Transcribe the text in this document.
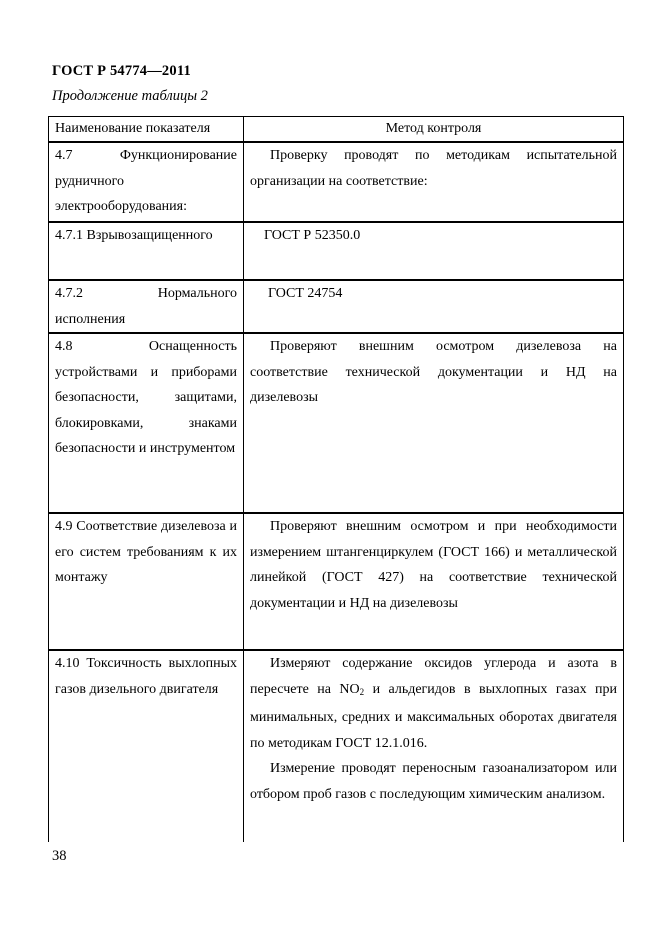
ГОСТ Р 54774—2011
Продолжение таблицы 2
Наименование показателя	Метод контроля
4.7 Функционирование рудничного электрооборудования:	Проверку проводят по методикам испытательной организации на соответствие:

4.7.1 Взрывозащищенного	ГОСТ Р 52350.0

4.7.2 Нормального исполнения	ГОСТ 24754

4.8 Оснащенность устройствами и приборами безопасности, защитами, блокировками, знаками безопасности и инструментом	Проверяют внешним осмотром дизелевоза на соответствие технической документации и НД на дизелевозы

4.9 Соответствие дизелевоза и его систем требованиям к их монтажу	Проверяют внешним осмотром и при необходимости измерением штангенциркулем (ГОСТ 166) и металлической линейкой (ГОСТ 427) на соответствие технической документации и НД на дизелевозы

4.10 Токсичность выхлопных газов дизельного двигателя	Измеряют содержание оксидов углерода и азота в пересчете на $NO_2$ и альдегидов в выхлопных газах при минимальных, средних и максимальных оборотах двигателя по методикам ГОСТ 12.1.016.

Измерение проводят переносным газоанализатором или отбором проб газов с последующим химическим анализом.

38
